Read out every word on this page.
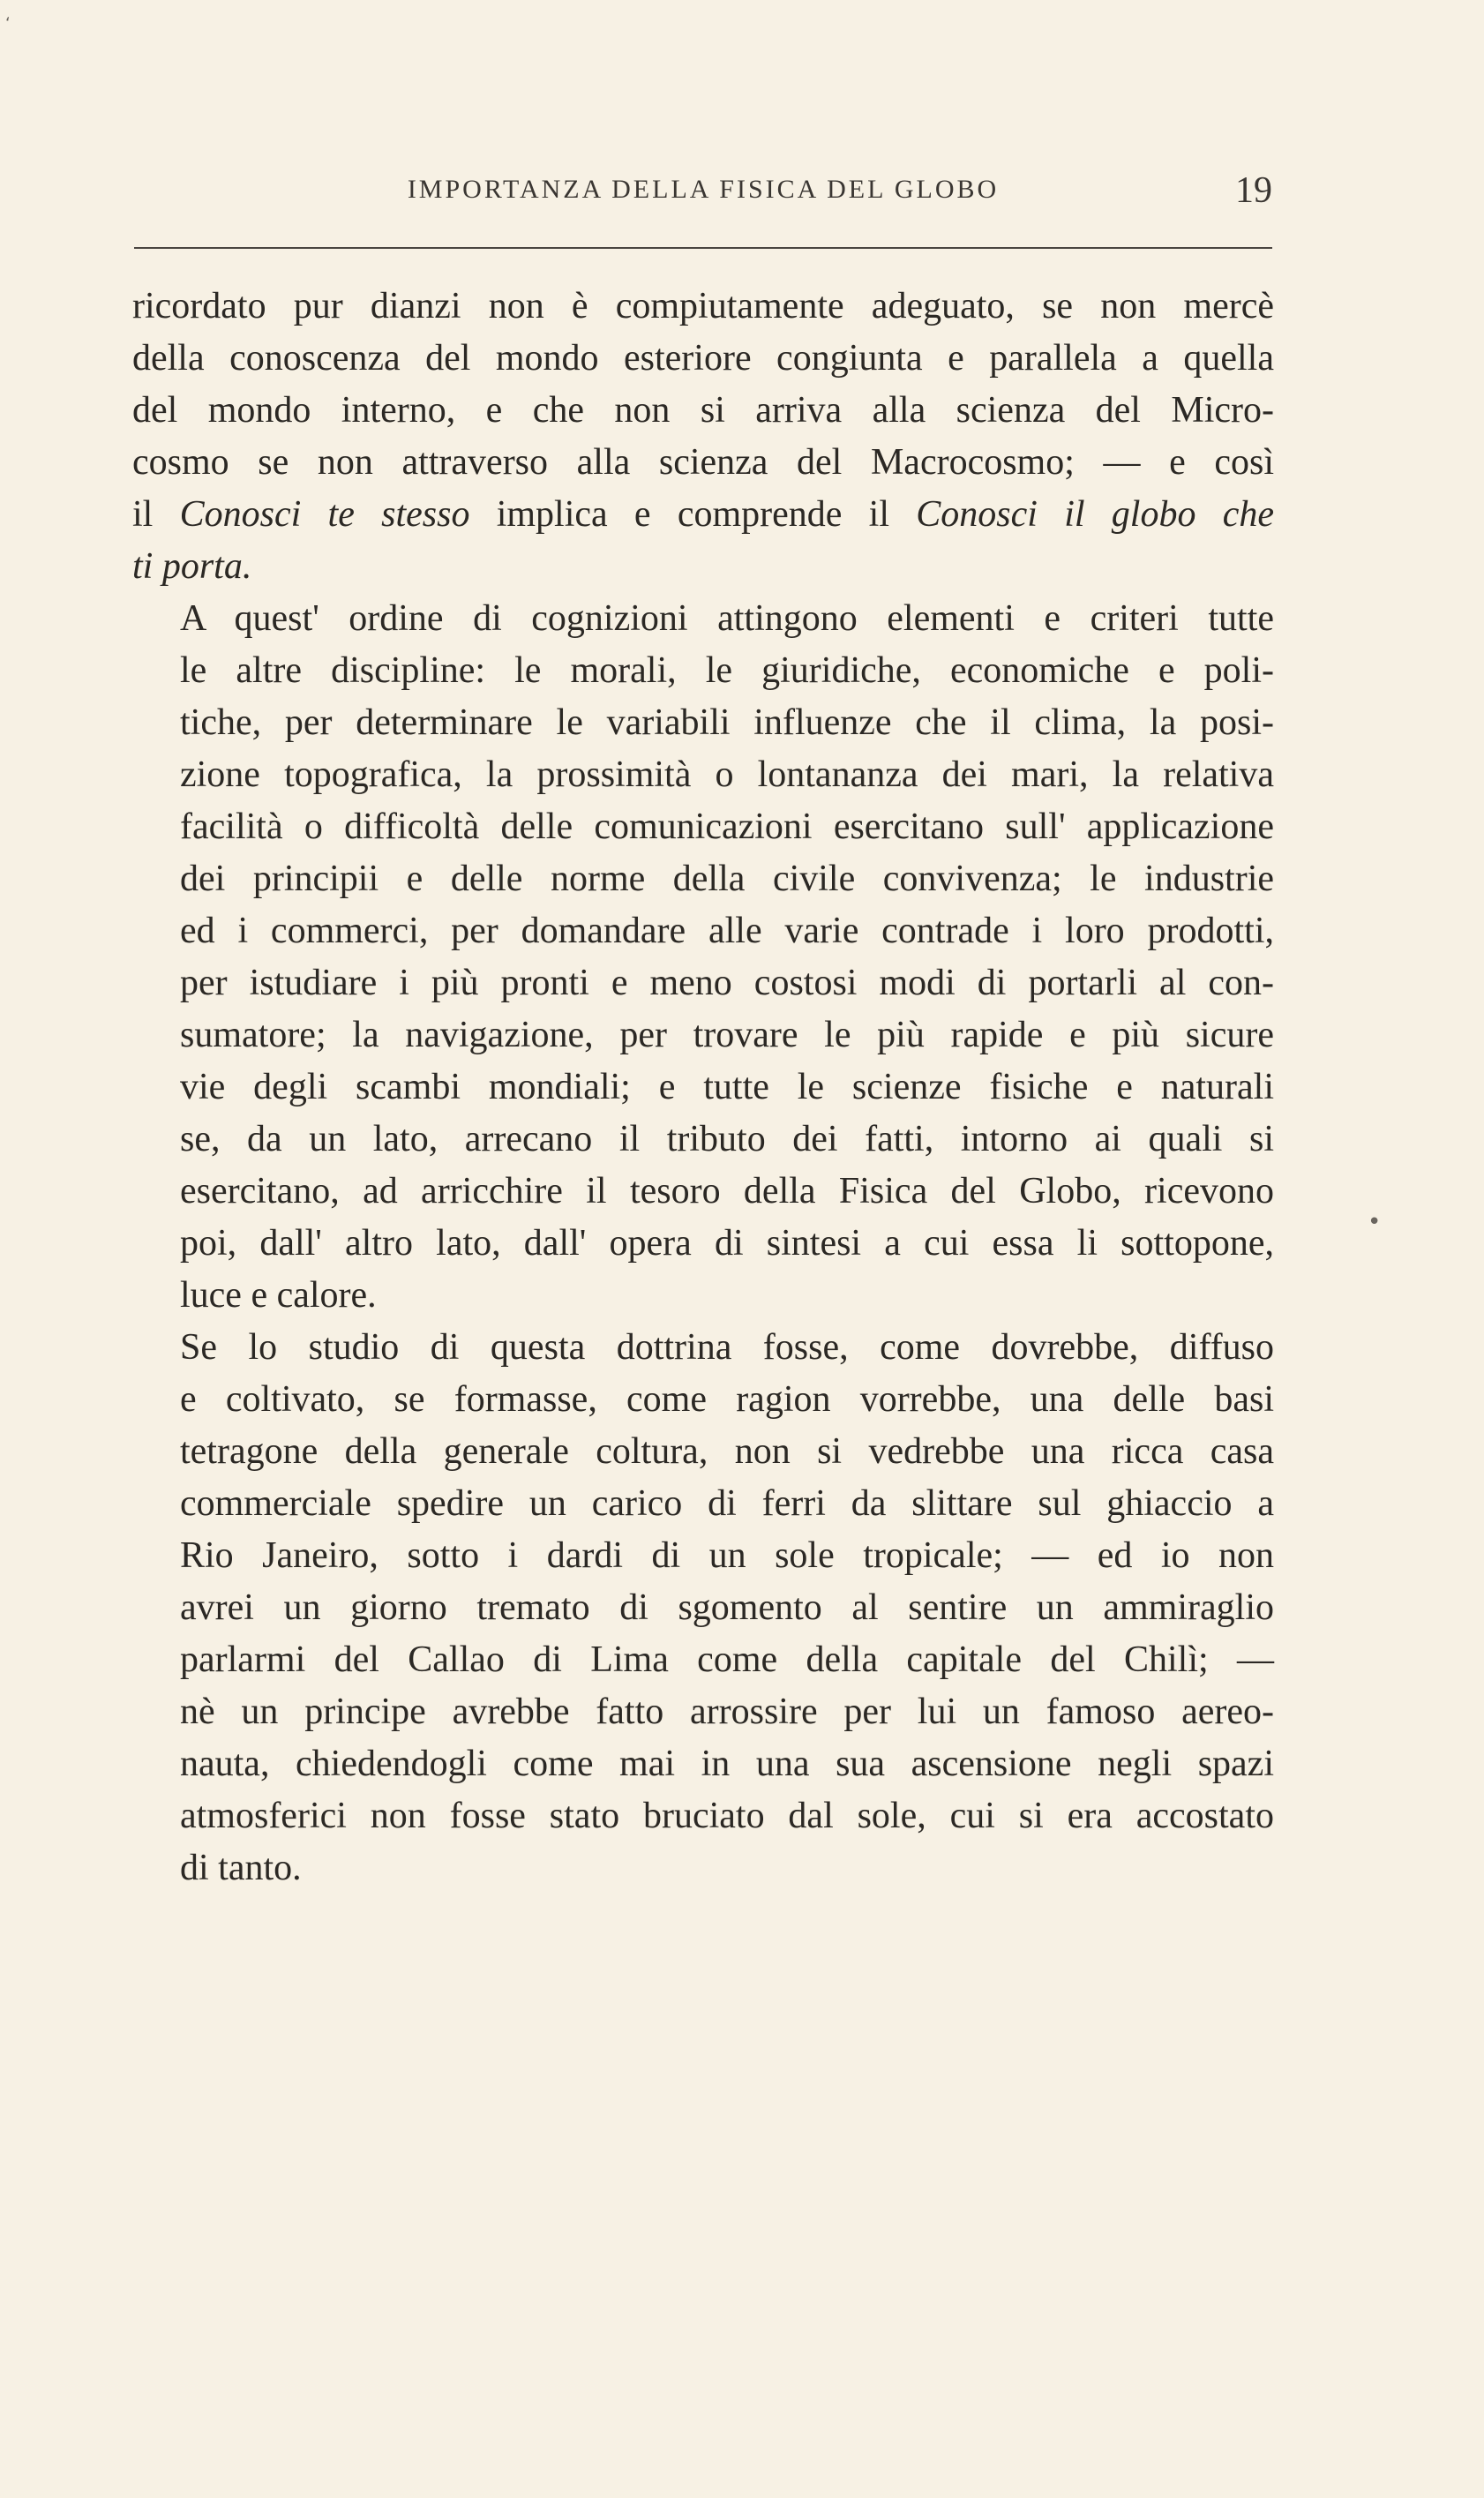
IMPORTANZA DELLA FISICA DEL GLOBO	19

ricordato pur dianzi non è compiutamente adeguato, se non mercè
della conoscenza del mondo esteriore congiunta e parallela a quella
del mondo interno, e che non si arriva alla scienza del Micro-
cosmo se non attraverso alla scienza del Macrocosmo; — e così
il Conosci te stesso implica e comprende il Conosci il globo che
ti porta.

A quest' ordine di cognizioni attingono elementi e criteri tutte
le altre discipline: le morali, le giuridiche, economiche e poli-
tiche, per determinare le variabili influenze che il clima, la posi-
zione topografica, la prossimità o lontananza dei mari, la relativa
facilità o difficoltà delle comunicazioni esercitano sull' applicazione
dei principii e delle norme della civile convivenza; le industrie
ed i commerci, per domandare alle varie contrade i loro prodotti,
per istudiare i più pronti e meno costosi modi di portarli al con-
sumatore; la navigazione, per trovare le più rapide e più sicure
vie degli scambi mondiali; e tutte le scienze fisiche e naturali
se, da un lato, arrecano il tributo dei fatti, intorno ai quali si
esercitano, ad arricchire il tesoro della Fisica del Globo, ricevono
poi, dall' altro lato, dall' opera di sintesi a cui essa li sottopone,
luce e calore.

Se lo studio di questa dottrina fosse, come dovrebbe, diffuso
e coltivato, se formasse, come ragion vorrebbe, una delle basi
tetragone della generale coltura, non si vedrebbe una ricca casa
commerciale spedire un carico di ferri da slittare sul ghiaccio a
Rio Janeiro, sotto i dardi di un sole tropicale; — ed io non
avrei un giorno tremato di sgomento al sentire un ammiraglio
parlarmi del Callao di Lima come della capitale del Chilì; —
nè un principe avrebbe fatto arrossire per lui un famoso aereo-
nauta, chiedendogli come mai in una sua ascensione negli spazi
atmosferici non fosse stato bruciato dal sole, cui si era accostato
di tanto.

ʻ
•
